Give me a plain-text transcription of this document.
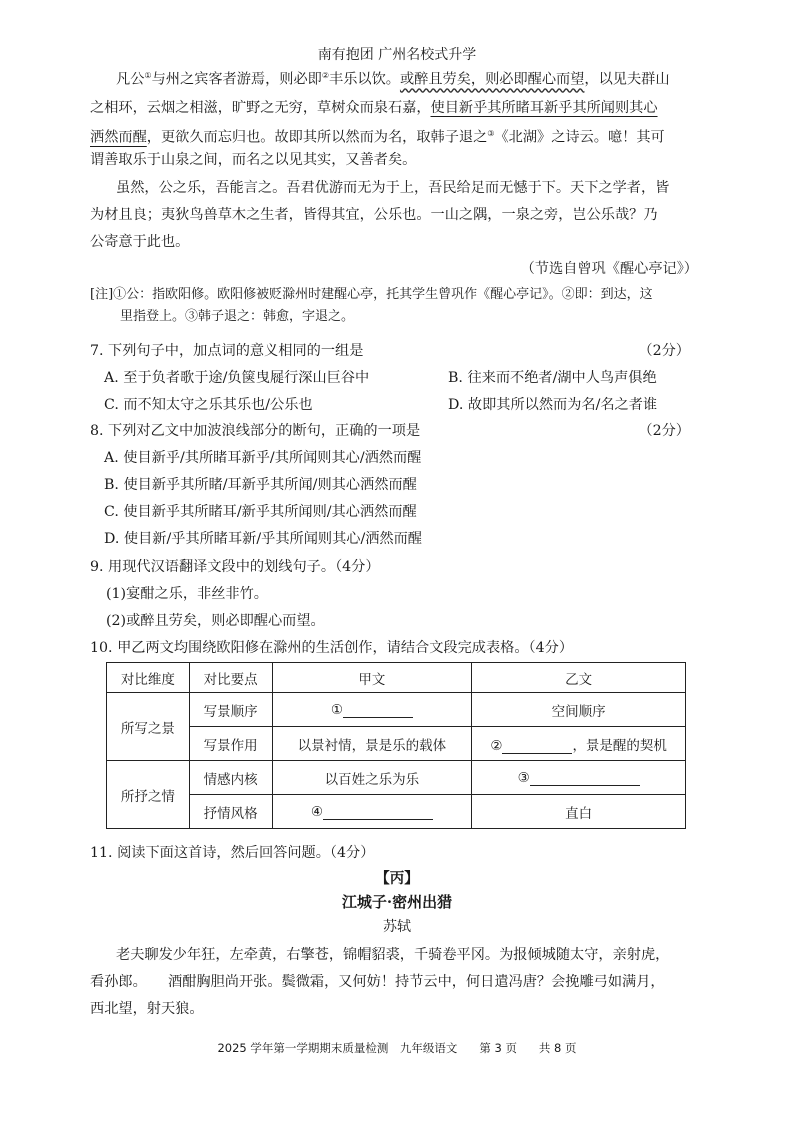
南有抱团 广州名校式升学
凡公①与州之宾客者游焉，则必即②丰乐以饮。或醉且劳矣，则必即醒心而望，以见夫群山
之相环，云烟之相滋，旷野之无穷，草树众而泉石嘉，使目新乎其所睹耳新乎其所闻则其心
洒然而醒，更欲久而忘归也。故即其所以然而为名，取韩子退之③《北湖》之诗云。噫！其可
谓善取乐于山泉之间，而名之以见其实，又善者矣。
虽然，公之乐，吾能言之。吾君优游而无为于上，吾民给足而无憾于下。天下之学者，皆
为材且良；夷狄鸟兽草木之生者，皆得其宜，公乐也。一山之隅，一泉之旁，岂公乐哉？乃
公寄意于此也。
（节选自曾巩《醒心亭记》）
[注]①公：指欧阳修。欧阳修被贬滁州时建醒心亭，托其学生曾巩作《醒心亭记》。②即：到达，这
里指登上。③韩子退之：韩愈，字退之。
7. 下列句子中，加点词的意义相同的一组是	（2分）
A. 至于负者歌于途/负箧曳屣行深山巨谷中	B. 往来而不绝者/湖中人鸟声俱绝
C. 而不知太守之乐其乐也/公乐也	D. 故即其所以然而为名/名之者谁
8. 下列对乙文中加波浪线部分的断句，正确的一项是	（2分）
A. 使目新乎/其所睹耳新乎/其所闻则其心/洒然而醒
B. 使目新乎其所睹/耳新乎其所闻/则其心洒然而醒
C. 使目新乎其所睹耳/新乎其所闻则/其心洒然而醒
D. 使目新/乎其所睹耳新/乎其所闻则其心/洒然而醒
9. 用现代汉语翻译文段中的划线句子。（4分）
(1)宴酣之乐，非丝非竹。
(2)或醉且劳矣，则必即醒心而望。
10. 甲乙两文均围绕欧阳修在滁州的生活创作，请结合文段完成表格。（4分）
对比维度	对比要点	甲文	乙文
所写之景	写景顺序	①	空间顺序
	写景作用	以景衬情，景是乐的载体	② ，景是醒的契机
所抒之情	情感内核	以百姓之乐为乐	③
	抒情风格	④	直白
11. 阅读下面这首诗，然后回答问题。（4分）
【丙】
江城子·密州出猎
苏轼
老夫聊发少年狂，左牵黄，右擎苍，锦帽貂裘，千骑卷平冈。为报倾城随太守，亲射虎，
看孙郎。　　酒酣胸胆尚开张。鬓微霜，又何妨！持节云中，何日遣冯唐？会挽雕弓如满月，
西北望，射天狼。
2025 学年第一学期期末质量检测　九年级语文 第 3 页 共 8 页
